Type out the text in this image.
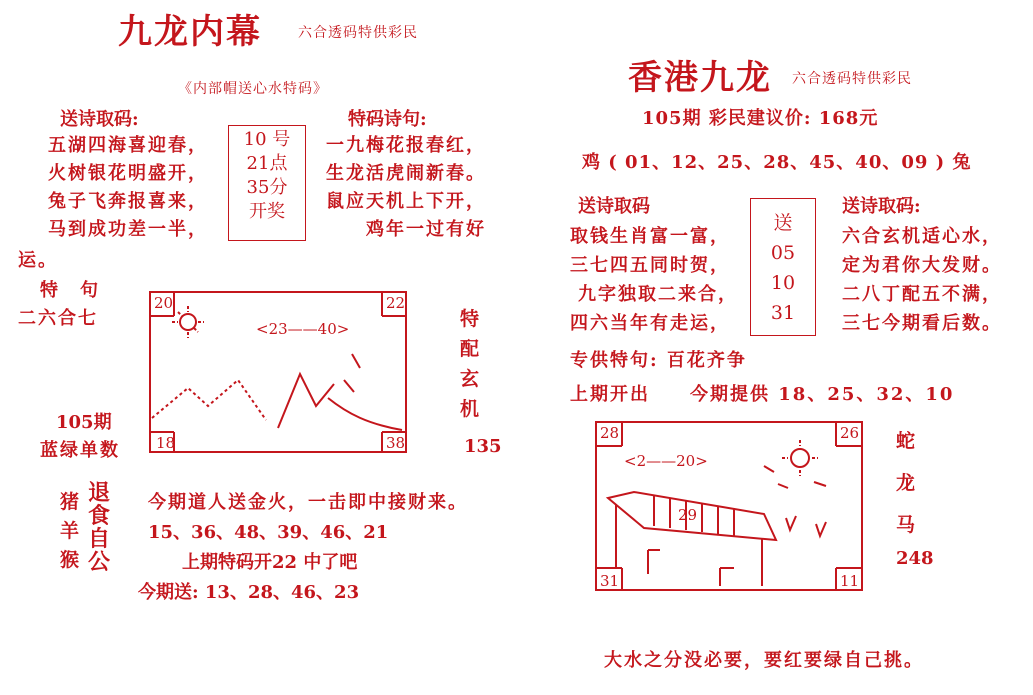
九龙内幕	六合透码特供彩民
《内部帽送心水特码》
送诗取码:
五湖四海喜迎春，
火树银花明盛开，
兔子飞奔报喜来，
马到成功差一半，
10 号
21点
35分
开奖
特码诗句:
一九梅花报春红，
生龙活虎闹新春。
鼠应天机上下开，
鸡年一过有好
运。
特　句
二六合七
20	22
18	38
<23——40>	特
配
玄
机
105期
蓝绿单数	135
猪
羊
猴
退
食
自
公
今期道人送金火，一击即中接财来。
15、36、48、39、46、21
上期特码开22 中了吧
今期送: 13、28、46、23
香港九龙 六合透码特供彩民
105期 彩民建议价: 168元
鸡 ( 01、12、25、28、45、40、09 ) 兔
送诗取码	送诗取码:
取钱生肖富一富，
三七四五同时贺，
九字独取二来合，
四六当年有走运，
送
05
10
31
六合玄机适心水，
定为君你大发财。
二八丁配五不满，
三七今期看后数。
专供特句: 百花齐争
上期开出 今期提供 18、25、32、10
28	26
31	11
<2——20>
29
蛇
龙
马
248
大水之分没必要，要红要绿自己挑。
